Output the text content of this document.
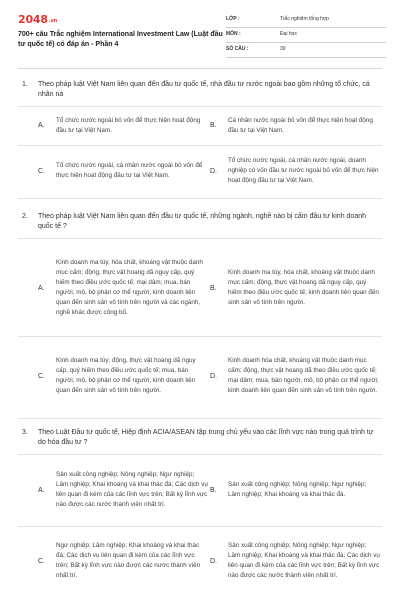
2048.vn
700+ câu Trắc nghiệm International Investment Law (Luật đầu tư quốc tế) có đáp án - Phần 4
LỚP :	Trắc nghiệm tổng hợp
MÔN :	Đại học
SỐ CÂU :	30
1. Theo pháp luật Việt Nam liên quan đến đầu tư quốc tế, nhà đầu tư nước ngoài bao gồm những tổ chức, cá nhân nà
A.
Tổ chức nước ngoài bỏ vốn để thực hiện hoạt động đầu tư tại Việt Nam.
B.
Cá nhân nước ngoài bỏ vốn để thực hiện hoạt động đầu tư tại Việt Nam.
C.
Tổ chức nước ngoài, cá nhân nước ngoài bỏ vốn để thực hiện hoạt động đầu tư tại Việt Nam.
D.
Tổ chức nước ngoài, cá nhân nước ngoài, doanh nghiệp có vốn đầu tư nước ngoài bỏ vốn để thực hiện hoạt động đầu tư tại Việt Nam.
2. Theo pháp luật Việt Nam liên quan đến đầu tư quốc tế, những ngành, nghề nào bị cấm đầu tư kinh doanh quốc tế ?
A.
Kinh doanh ma túy, hóa chất, khoáng vật thuộc danh mục cấm; động, thực vật hoang dã nguy cấp, quý hiếm theo điều ước quốc tế; mại dâm; mua, bán người, mô, bộ phận cơ thể người; kinh doanh liên quan đến sinh sản vô tính trên người và các ngành, nghề khác được công bố.
B.
Kinh doanh ma túy, hóa chất, khoáng vật thuộc danh mục cấm; động, thực vật hoang dã nguy cấp, quý hiếm theo điều ước quốc tế; kinh doanh liên quan đến sinh sản vô tính trên người.
C.
Kinh doanh ma túy; động, thực vật hoang dã nguy cấp, quý hiếm theo điều ước quốc tế; mua, bán người, mô, bộ phận cơ thể người; kinh doanh liên quan đến sinh sản vô tính trên người.
D.
Kinh doanh hóa chất, khoáng vật thuộc danh mục cấm; động, thực vật hoang dã theo điều ước quốc tế; mại dâm; mua, bán người, mô, bộ phận cơ thể người; kinh doanh liên quan đến sinh sản vô tính trên người.
3. Theo Luật Đầu tư quốc tế, Hiệp định ACIA/ASEAN tập trung chủ yếu vào các lĩnh vực nào trong quá trình tự do hóa đầu tư ?
A.
Sản xuất công nghiệp; Nông nghiệp; Ngư nghiệp; Lâm nghiệp; Khai khoáng và khai thác đá; Các dịch vụ liên quan đi kèm của các lĩnh vực trên; Bất kỳ lĩnh vực nào được các nước thành viên nhất trí.
B.
Sản xuất công nghiệp; Nông nghiệp; Ngư nghiệp; Lâm nghiệp; Khai khoáng và khai thác đá.
C.
Ngư nghiệp; Lâm nghiệp; Khai khoáng và khai thác đá; Các dịch vụ liên quan đi kèm của các lĩnh vực trên; Bất kỳ lĩnh vực nào được các nước thành viên nhất trí.
D.
Sản xuất công nghiệp; Nông nghiệp; Ngư nghiệp; Lâm nghiệp; Khai khoáng và khai thác đá; Các dịch vụ liên quan đi kèm của các lĩnh vực trên; Bất kỳ lĩnh vực nào được các nước thành viên nhất trí.
